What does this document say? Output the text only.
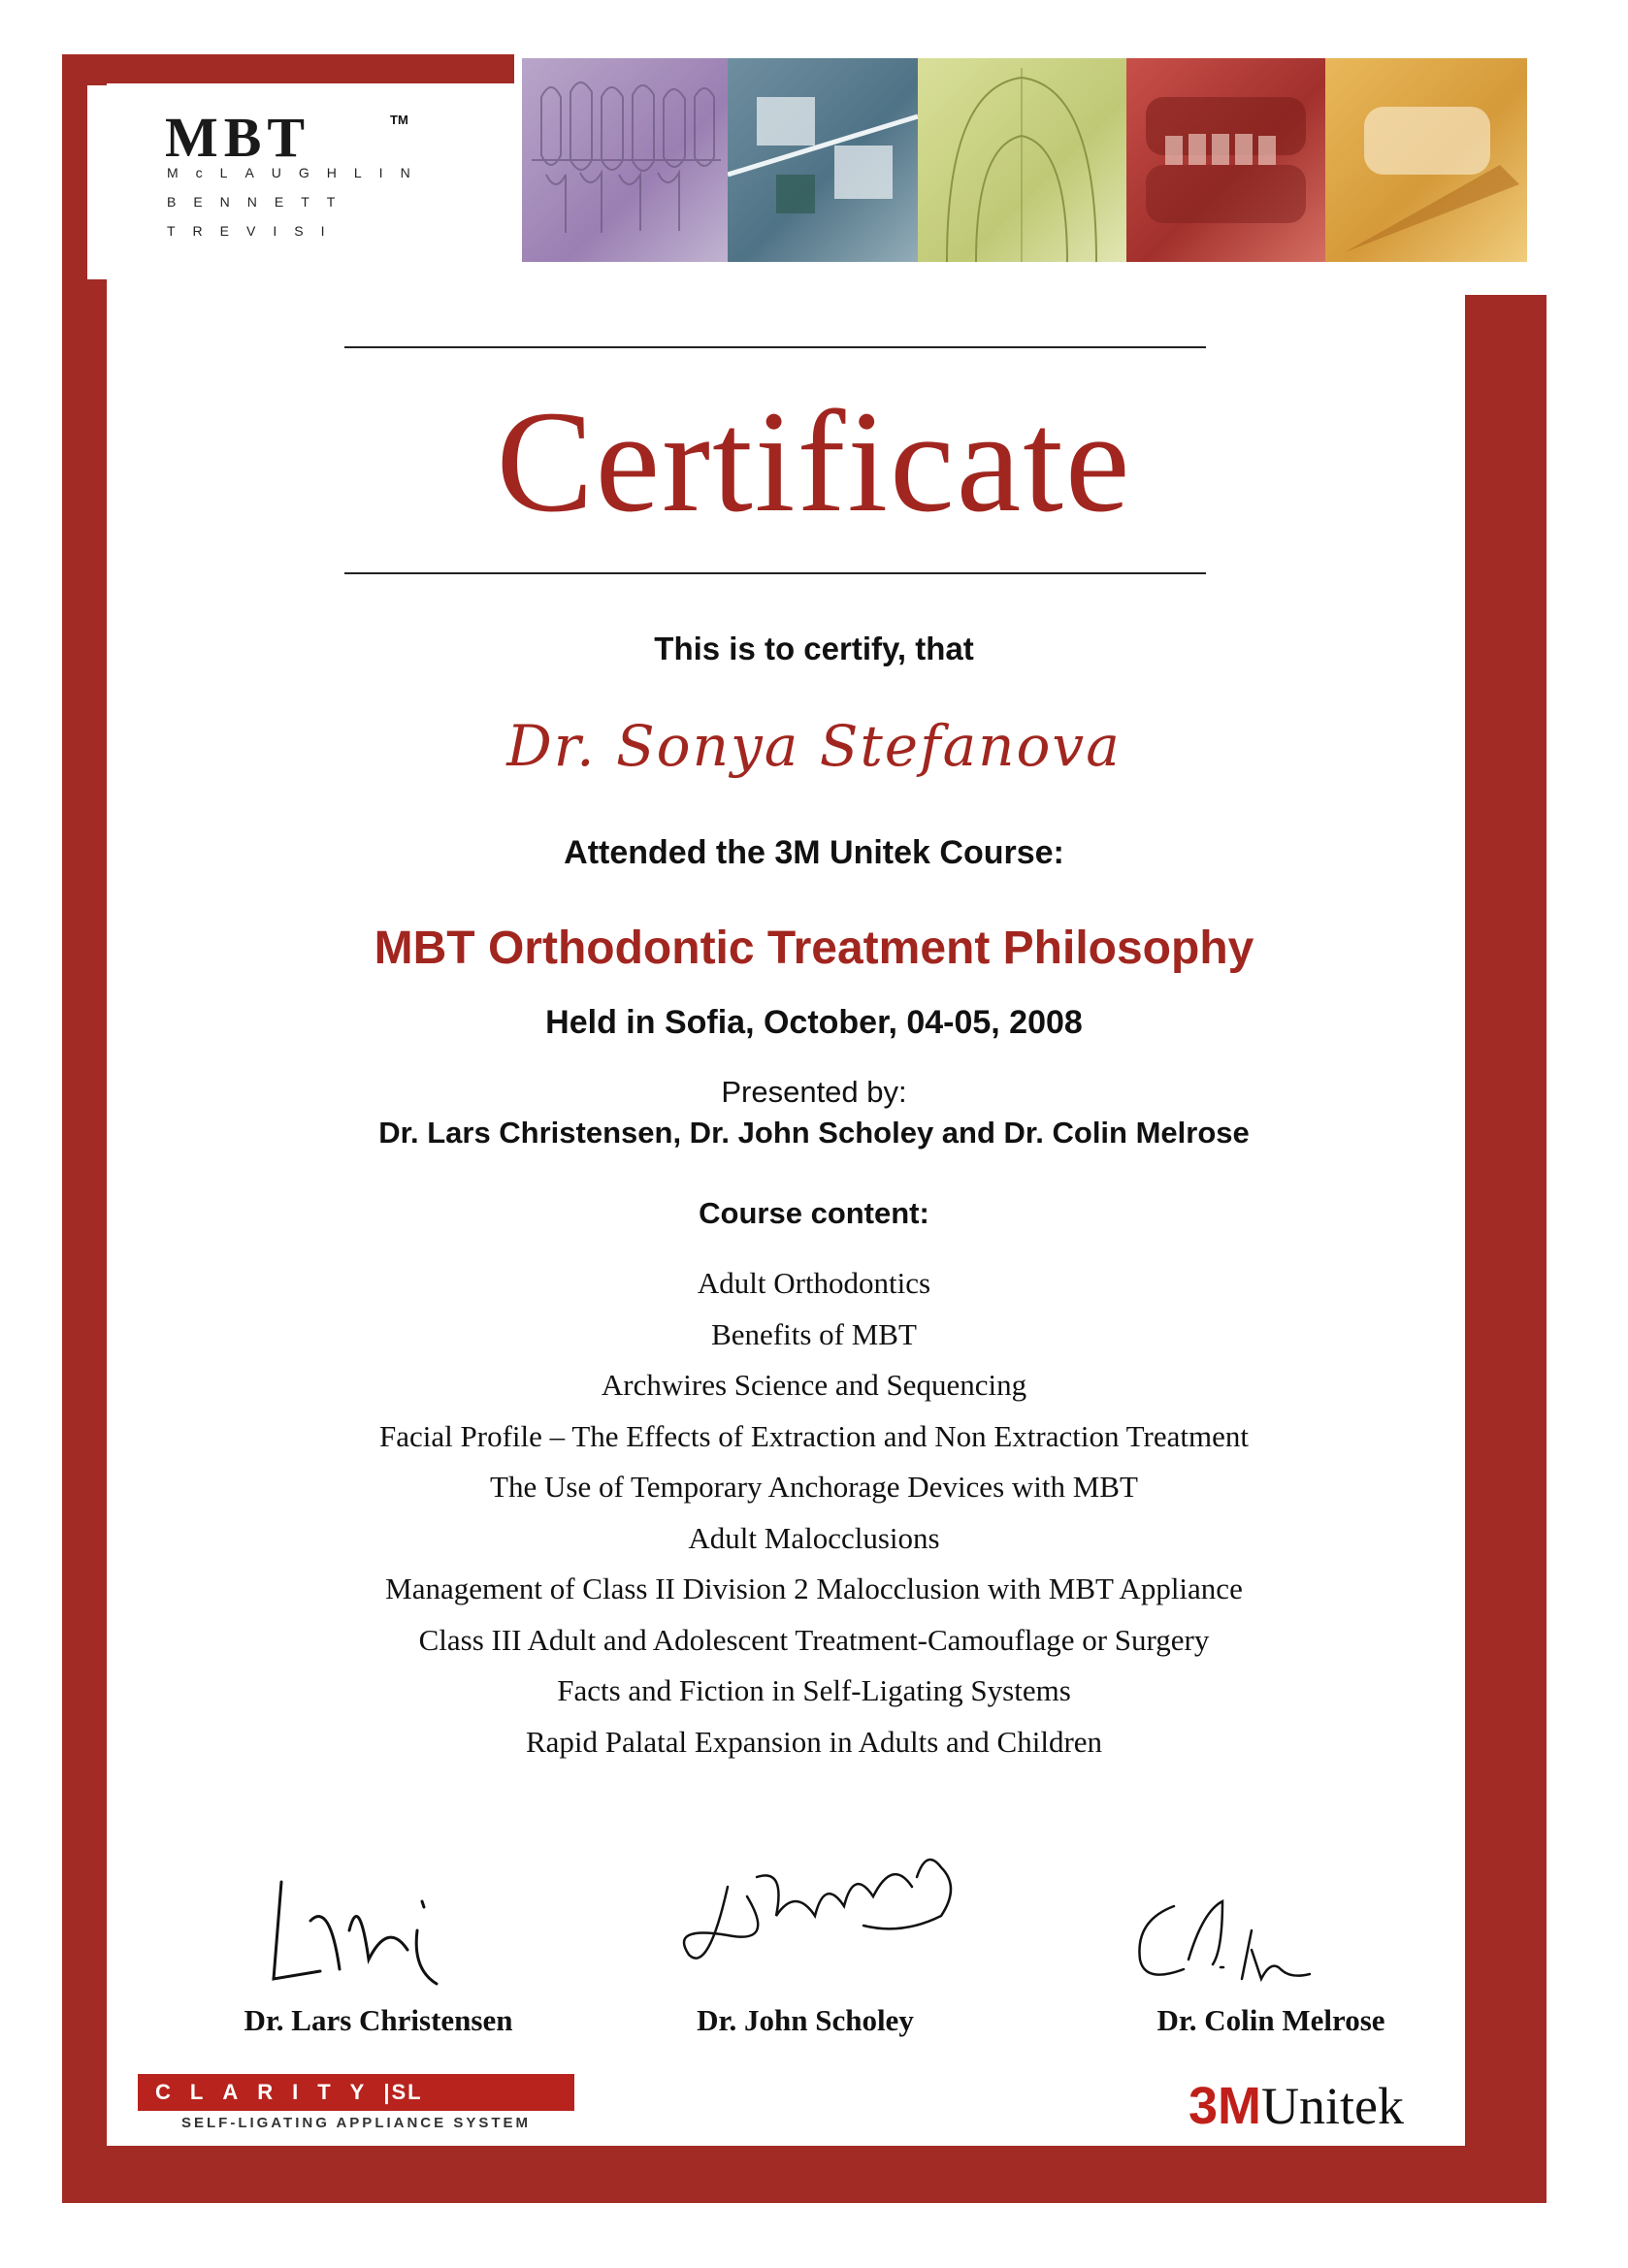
MBT	TM
McLAUGHLIN
BENNETT
TREVISI
Certificate
This is to certify, that
Dr. Sonya Stefanova
Attended the 3M Unitek Course:
MBT Orthodontic Treatment Philosophy
Held in Sofia, October, 04-05, 2008
Presented by:
Dr. Lars Christensen, Dr. John Scholey and Dr. Colin Melrose
Course content:
Adult Orthodontics
Benefits of MBT
Archwires Science and Sequencing
Facial Profile – The Effects of Extraction and Non Extraction Treatment
The Use of Temporary Anchorage Devices with MBT
Adult Malocclusions
Management of Class II Division 2 Malocclusion with MBT Appliance
Class III Adult and Adolescent Treatment-Camouflage or Surgery
Facts and Fiction in Self-Ligating Systems
Rapid Palatal Expansion in Adults and Children
Dr. Lars Christensen	Dr. John Scholey	Dr. Colin Melrose
CLARITY|SL
SELF-LIGATING APPLIANCE SYSTEM	3MUnitek
